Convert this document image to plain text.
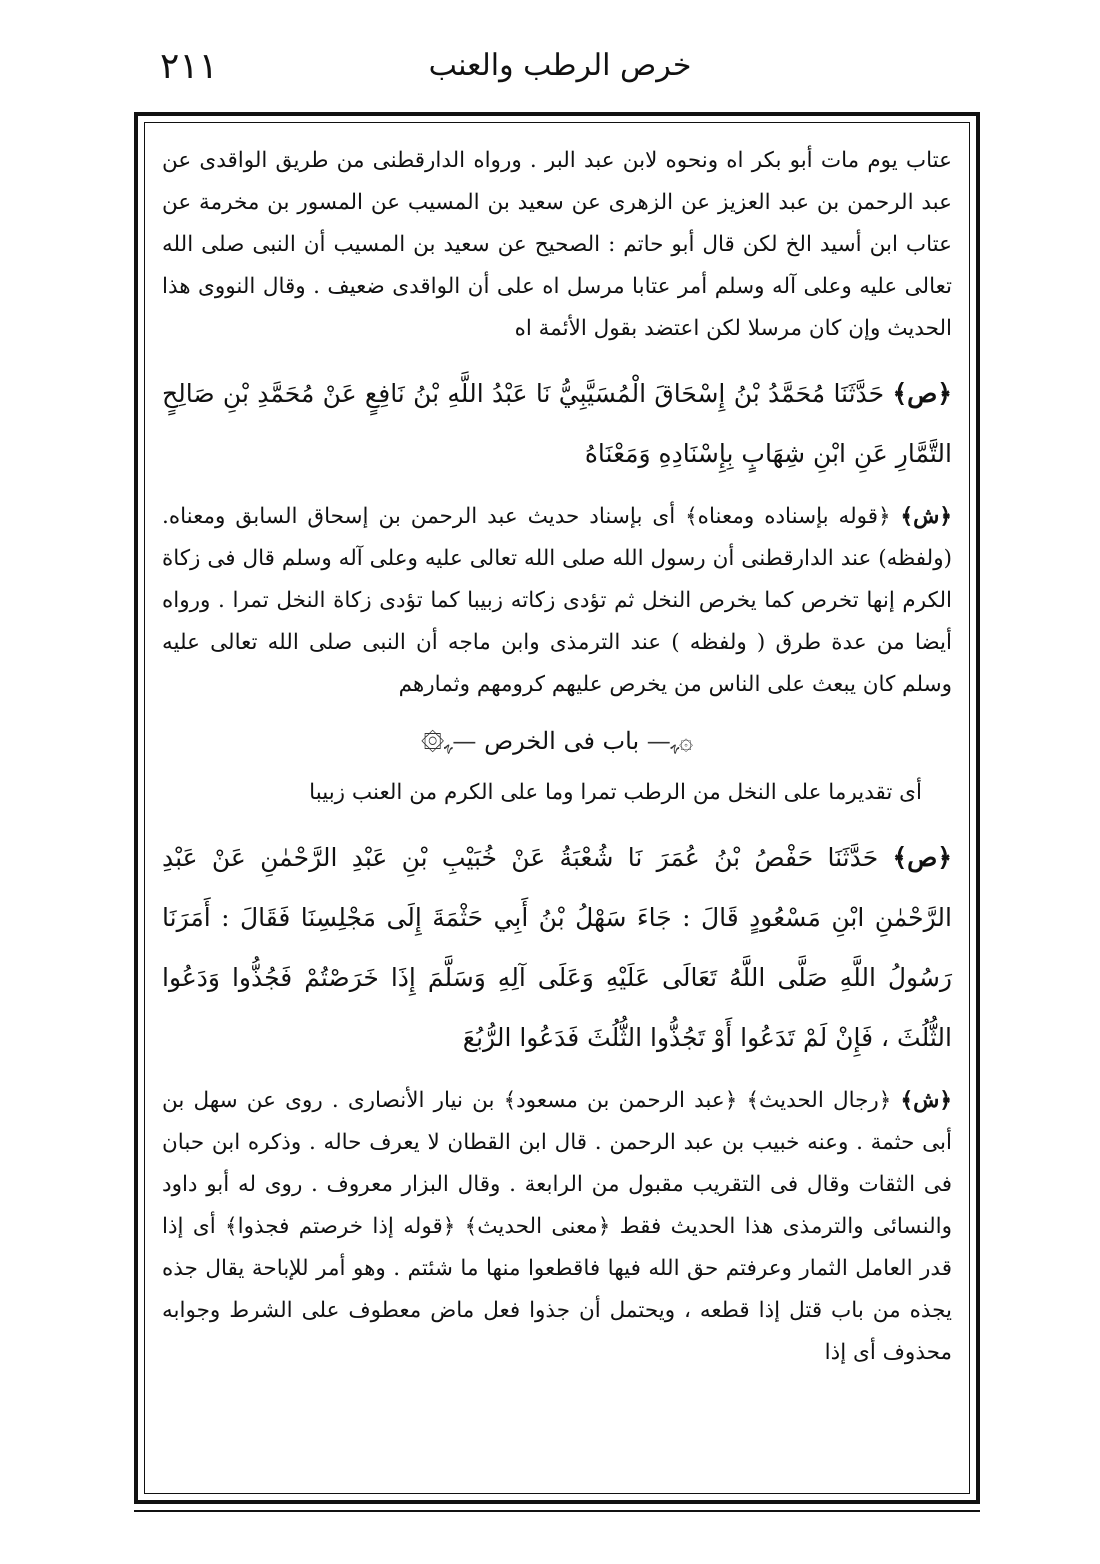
٢١١	خرص الرطب والعنب

عتاب يوم مات أبو بكر اه ونحوه لابن عبد البر . ورواه الدارقطنى من طريق الواقدى عن عبد الرحمن بن عبد العزيز عن الزهرى عن سعيد بن المسيب عن المسور بن مخرمة عن عتاب ابن أسيد الخ لكن قال أبو حاتم : الصحيح عن سعيد بن المسيب أن النبى صلى الله تعالى عليه وعلى آله وسلم أمر عتابا مرسل اه على أن الواقدى ضعيف . وقال النووى هذا الحديث وإن كان مرسلا لكن اعتضد بقول الأئمة اه

﴿ص﴾ حَدَّثَنَا مُحَمَّدُ بْنُ إِسْحَاقَ الْمُسَيَّبِيُّ نَا عَبْدُ اللَّهِ بْنُ نَافِعٍ عَنْ مُحَمَّدِ بْنِ صَالِحٍ التَّمَّارِ عَنِ ابْنِ شِهَابٍ بِإِسْنَادِهِ وَمَعْنَاهُ

﴿ش﴾ ﴿قوله بإسناده ومعناه﴾ أى بإسناد حديث عبد الرحمن بن إسحاق السابق ومعناه. (ولفظه) عند الدارقطنى أن رسول الله صلى الله تعالى عليه وعلى آله وسلم قال فى زكاة الكرم إنها تخرص كما يخرص النخل ثم تؤدى زكاته زبيبا كما تؤدى زكاة النخل تمرا . ورواه أيضا من عدة طرق ( ولفظه ) عند الترمذى وابن ماجه أن النبى صلى الله تعالى عليه وسلم كان يبعث على الناس من يخرص عليهم كرومهم وثمارهم

۞ﮩ— باب فى الخرص —ﮩ۞

أى تقديرما على النخل من الرطب تمرا وما على الكرم من العنب زبيبا

﴿ص﴾ حَدَّثَنَا حَفْصُ بْنُ عُمَرَ نَا شُعْبَةُ عَنْ خُبَيْبِ بْنِ عَبْدِ الرَّحْمٰنِ عَنْ عَبْدِ الرَّحْمٰنِ ابْنِ مَسْعُودٍ قَالَ : جَاءَ سَهْلُ بْنُ أَبِي حَثْمَةَ إِلَى مَجْلِسِنَا فَقَالَ : أَمَرَنَا رَسُولُ اللَّهِ صَلَّى اللَّهُ تَعَالَى عَلَيْهِ وَعَلَى آلِهِ وَسَلَّمَ إِذَا خَرَصْتُمْ فَجُذُّوا وَدَعُوا الثُّلُثَ ، فَإِنْ لَمْ تَدَعُوا أَوْ تَجُذُّوا الثُّلُثَ فَدَعُوا الرُّبُعَ

﴿ش﴾ ﴿رجال الحديث﴾ ﴿عبد الرحمن بن مسعود﴾ بن نيار الأنصارى . روى عن سهل بن أبى حثمة . وعنه خبيب بن عبد الرحمن . قال ابن القطان لا يعرف حاله . وذكره ابن حبان فى الثقات وقال فى التقريب مقبول من الرابعة . وقال البزار معروف . روى له أبو داود والنسائى والترمذى هذا الحديث فقط ﴿معنى الحديث﴾ ﴿قوله إذا خرصتم فجذوا﴾ أى إذا قدر العامل الثمار وعرفتم حق الله فيها فاقطعوا منها ما شئتم . وهو أمر للإباحة يقال جذه يجذه من باب قتل إذا قطعه ، ويحتمل أن جذوا فعل ماض معطوف على الشرط وجوابه محذوف أى إذا
